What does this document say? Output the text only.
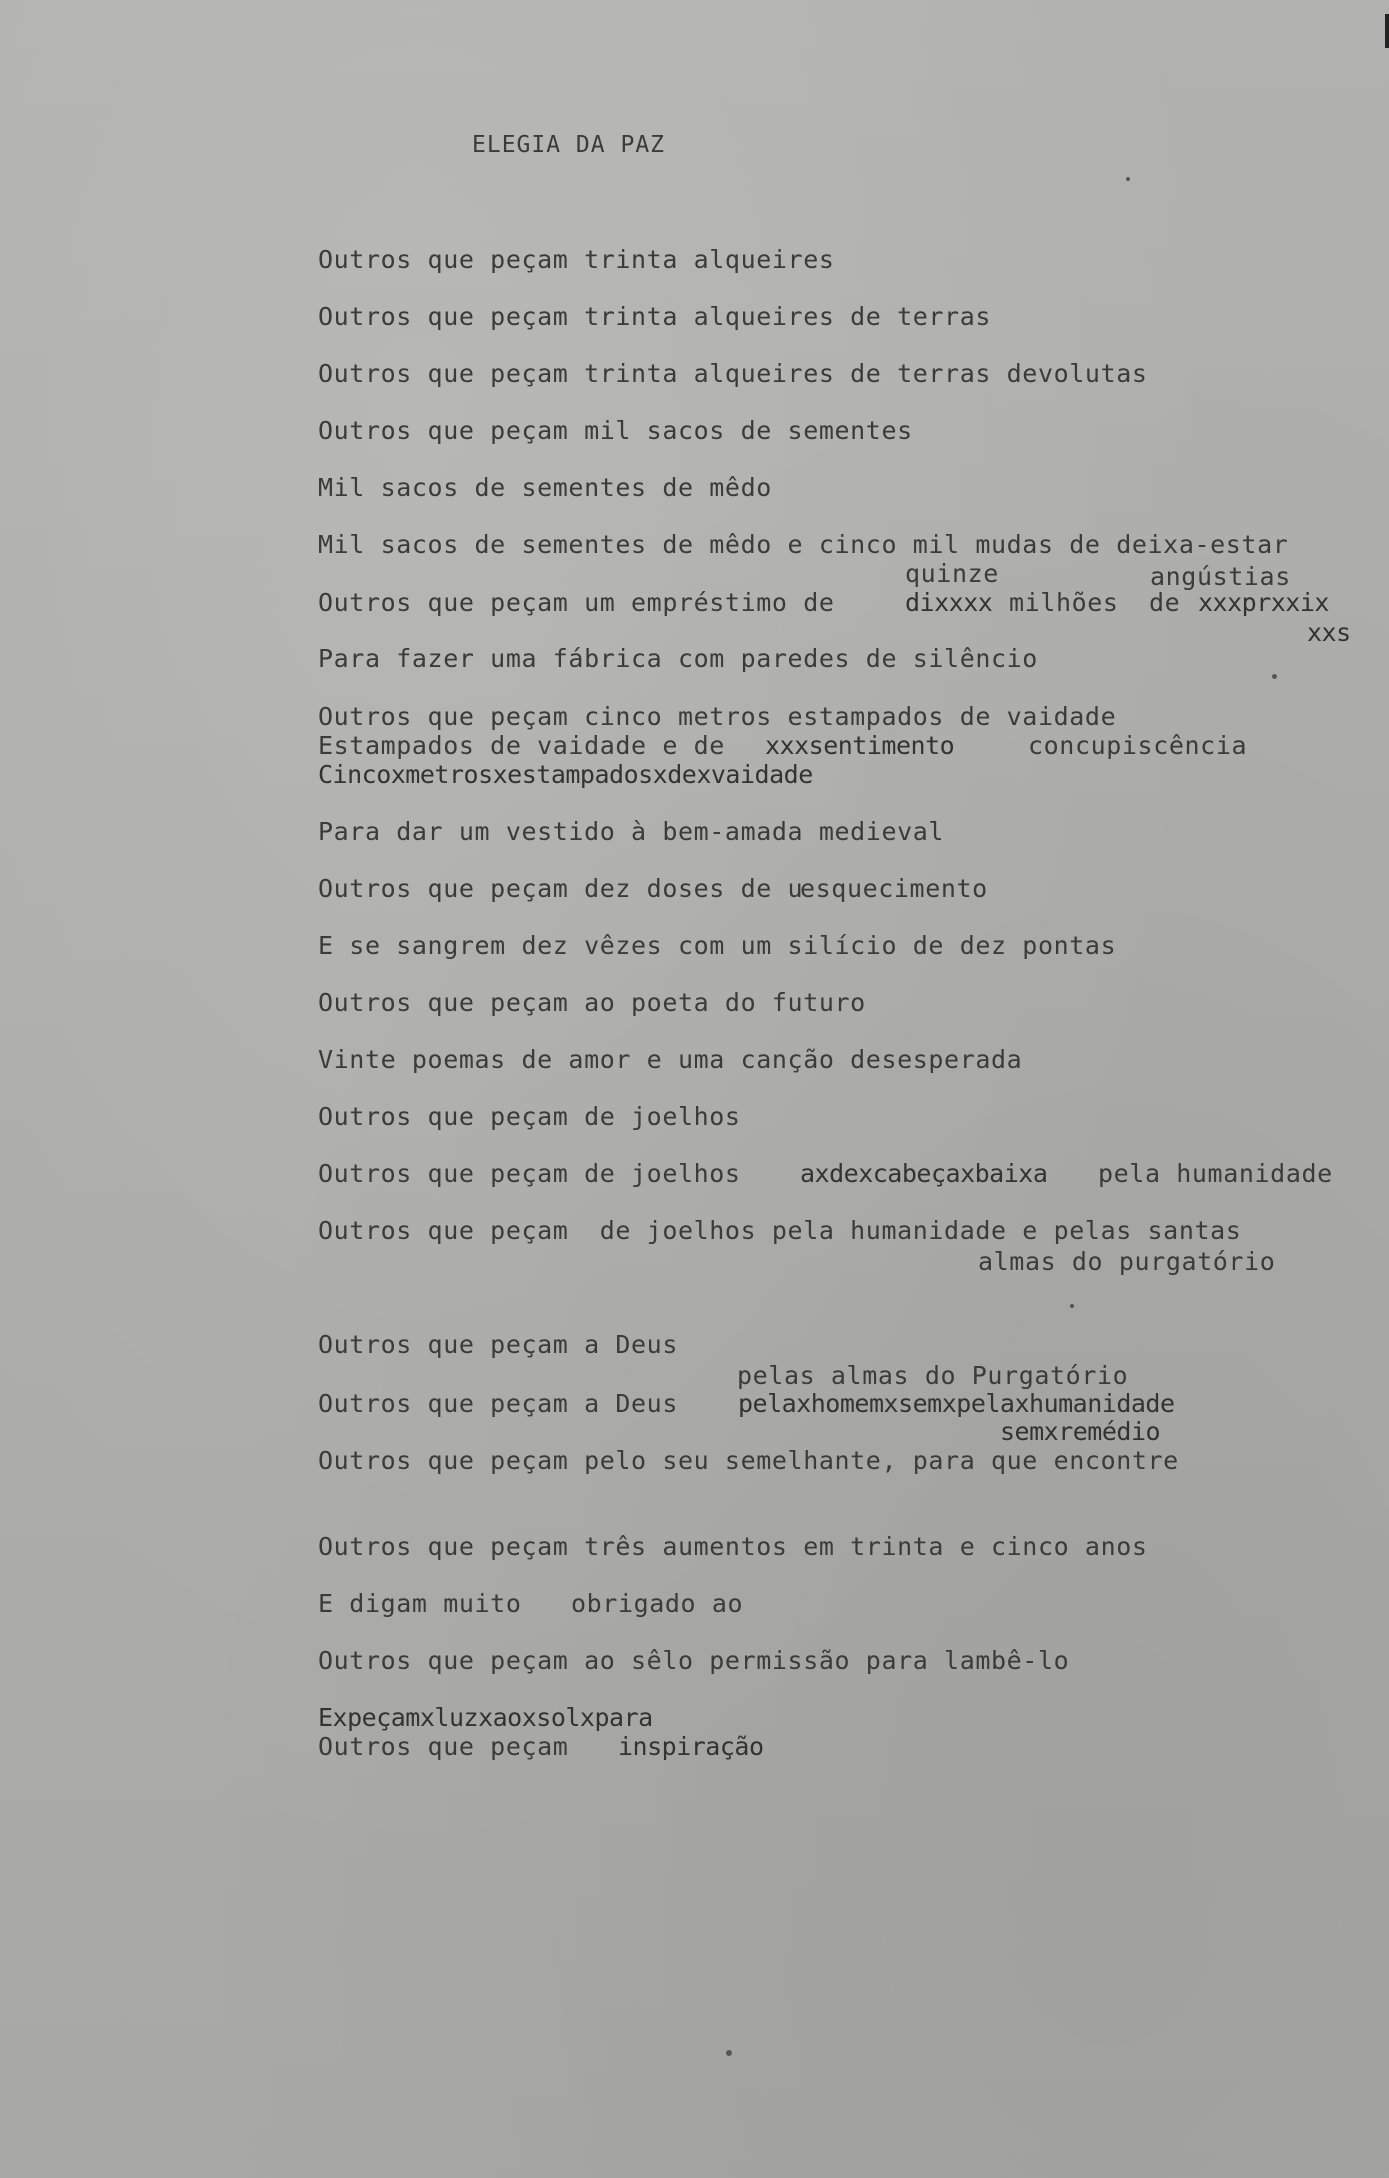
ELEGIA DA PAZ
Outros que peçam trinta alqueires
Outros que peçam trinta alqueires de terras
Outros que peçam trinta alqueires de terras devolutas
Outros que peçam mil sacos de sementes
Mil sacos de sementes de mêdo
Mil sacos de sementes de mêdo e cinco mil mudas de deixa-estar
quinze	angústias
Outros que peçam um empréstimo de	dixxxx milhões de xxxprxxix
xxs
Para fazer uma fábrica com paredes de silêncio
Outros que peçam cinco metros estampados de vaidade
Estampados de vaidade e de xxxsentimento	concupiscência
Cincoxmetrosxestampadosxdexvaidade
Para dar um vestido à bem-amada medieval
Outros que peçam dez doses de u
esquecimento
E se sangrem dez vêzes com um silício de dez pontas
Outros que peçam ao poeta do futuro
Vinte poemas de amor e uma canção desesperada
Outros que peçam de joelhos
Outros que peçam de joelhos axdexcabeçaxbaixa pela humanidade
Outros que peçam  de joelhos pela humanidade e pelas santas
almas do purgatório
Outros que peçam a Deus
pelas almas do Purgatório
Outros que peçam a Deus pelaxhomemxsemxpelaxhumanidade
semxremédio
Outros que peçam pelo seu semelhante, para que encontre
Outros que peçam três aumentos em trinta e cinco anos
E digam muito obrigado ao
Outros que peçam ao sêlo permissão para lambê-lo
Expeçamxluzxaoxsolxpara
Outros que peçam inspiração
